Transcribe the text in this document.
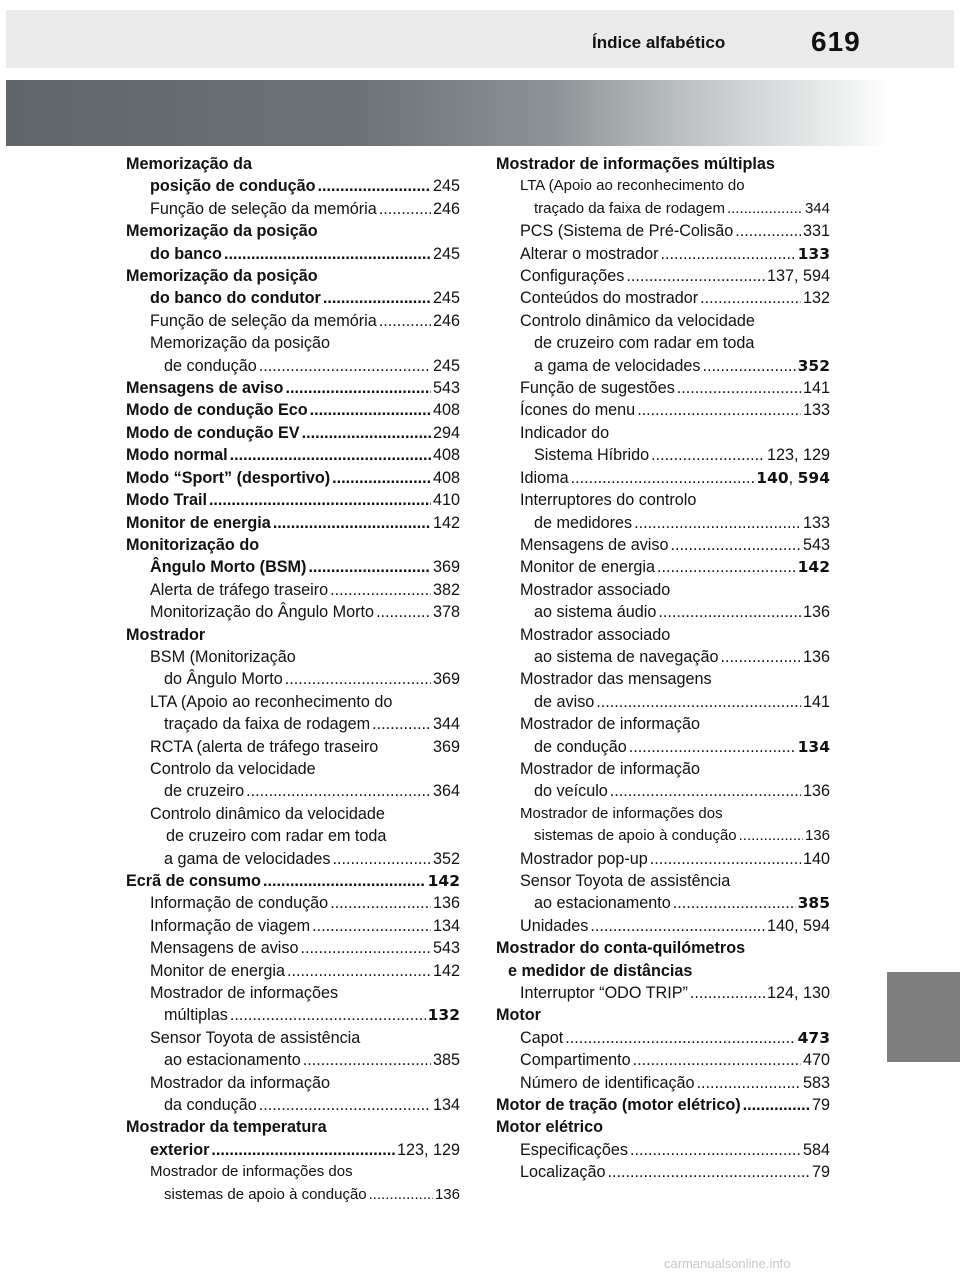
Índice alfabético	619
Memorização da
posição de condução .....	245
Função de seleção da memória .....	246
Memorização da posição
do banco .....	245
Memorização da posição
do banco do condutor .....	245
Função de seleção da memória .....	246
Memorização da posição
de condução .....	245
Mensagens de aviso .....	543
Modo de condução Eco .....	408
Modo de condução EV .....	294
Modo normal .....	408
Modo “Sport” (desportivo) .....	408
Modo Trail .....	410
Monitor de energia .....	142
Monitorização do
Ângulo Morto (BSM) .....	369
Alerta de tráfego traseiro .....	382
Monitorização do Ângulo Morto .....	378
Mostrador
BSM (Monitorização
do Ângulo Morto .....	369
LTA (Apoio ao reconhecimento do
traçado da faixa de rodagem .....	344
RCTA (alerta de tráfego traseiro	369
Controlo da velocidade
de cruzeiro .....	364
Controlo dinâmico da velocidade
de cruzeiro com radar em toda
a gama de velocidades .....	352
Ecrã de consumo .....	142
Informação de condução .....	136
Informação de viagem .....	134
Mensagens de aviso .....	543
Monitor de energia .....	142
Mostrador de informações
múltiplas .....	132
Sensor Toyota de assistência
ao estacionamento .....	385
Mostrador da informação
da condução .....	134
Mostrador da temperatura
exterior .....	123, 129
Mostrador de informações dos
sistemas de apoio à condução .....	136
Mostrador de informações múltiplas
LTA (Apoio ao reconhecimento do
traçado da faixa de rodagem .....	344
PCS (Sistema de Pré-Colisão .....	331
Alterar o mostrador .....	133
Configurações .....	137, 594
Conteúdos do mostrador .....	132
Controlo dinâmico da velocidade
de cruzeiro com radar em toda
a gama de velocidades .....	352
Função de sugestões .....	141
Ícones do menu .....	133
Indicador do
Sistema Híbrido .....	123, 129
Idioma .....	140, 594
Interruptores do controlo
de medidores .....	133
Mensagens de aviso .....	543
Monitor de energia .....	142
Mostrador associado
ao sistema áudio .....	136
Mostrador associado
ao sistema de navegação .....	136
Mostrador das mensagens
de aviso .....	141
Mostrador de informação
de condução .....	134
Mostrador de informação
do veículo .....	136
Mostrador de informações dos
sistemas de apoio à condução .....	136
Mostrador pop-up .....	140
Sensor Toyota de assistência
ao estacionamento .....	385
Unidades .....	140, 594
Mostrador do conta-quilómetros
e medidor de distâncias
Interruptor “ODO TRIP” .....	124, 130
Motor
Capot .....	473
Compartimento .....	470
Número de identificação .....	583
Motor de tração (motor elétrico) .....	79
Motor elétrico
Especificações .....	584
Localização .....	79
carmanualsonline.info
